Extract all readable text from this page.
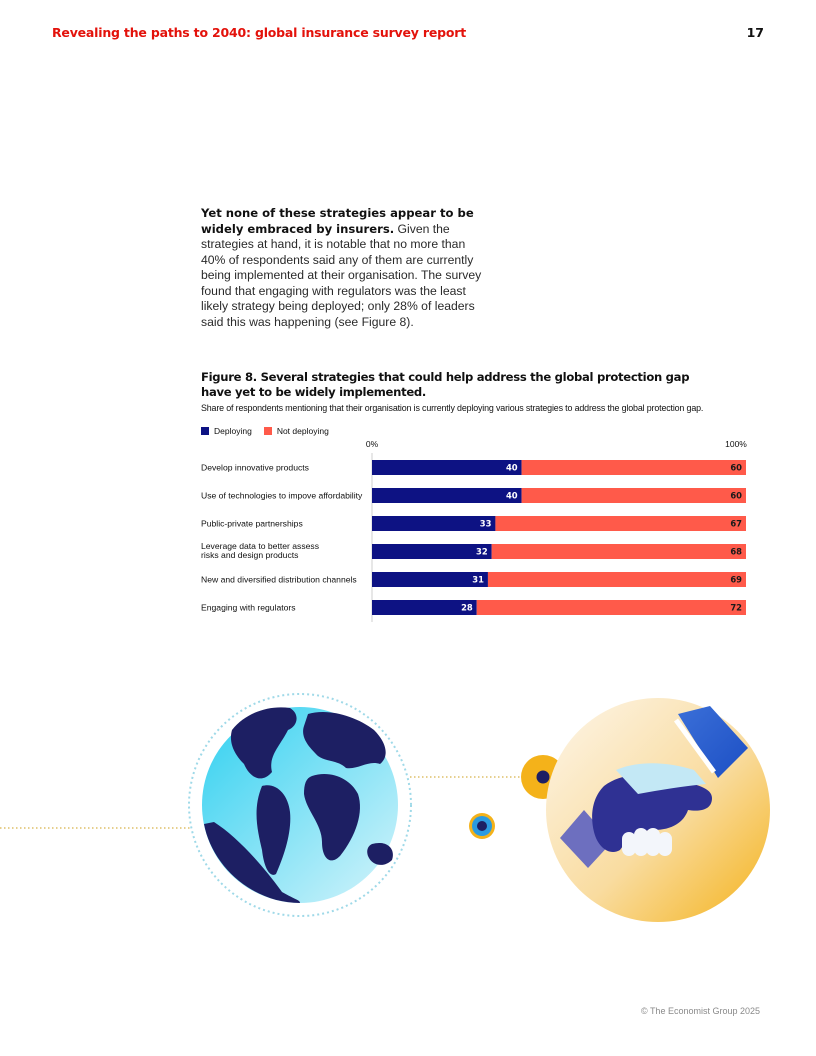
Revealing the paths to 2040: global insurance survey report	17
Yet none of these strategies appear to be widely embraced by insurers. Given the strategies at hand, it is notable that no more than 40% of respondents said any of them are currently being implemented at their organisation. The survey found that engaging with regulators was the least likely strategy being deployed; only 28% of leaders said this was happening (see Figure 8).
Figure 8. Several strategies that could help address the global protection gap have yet to be widely implemented.
Share of respondents mentioning that their organisation is currently deploying various strategies to address the global protection gap.
Deploying	Not deploying
0%	100%
Develop innovative products	40	60
Use of technologies to impove affordability	40	60
Public-private partnerships	33	67
Leverage data to better assess risks and design products	32	68
New and diversified distribution channels	31	69
Engaging with regulators	28	72
© The Economist Group 2025
